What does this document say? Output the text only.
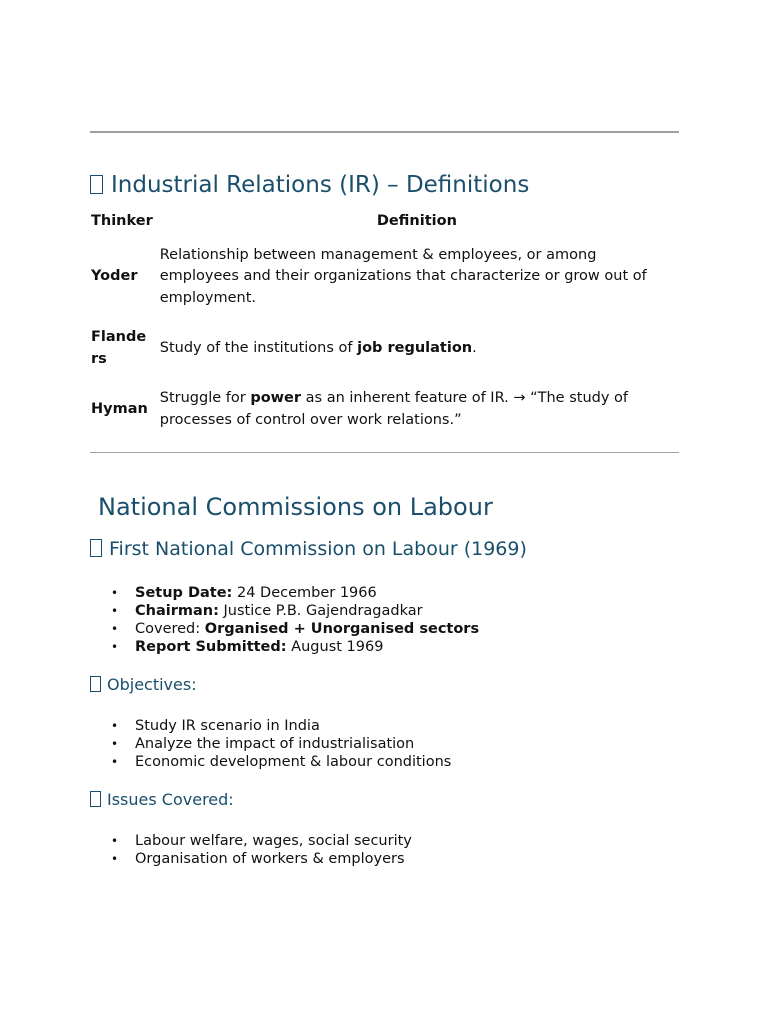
Industrial Relations (IR) – Definitions
Thinker	Definition
Yoder	Relationship between management & employees, or among employees and their organizations that characterize or grow out of employment.
Flanders	Study of the institutions of job regulation.
Hyman	Struggle for power as an inherent feature of IR. → “The study of processes of control over work relations.”
National Commissions on Labour
First National Commission on Labour (1969)
• Setup Date: 24 December 1966
• Chairman: Justice P.B. Gajendragadkar
• Covered: Organised + Unorganised sectors
• Report Submitted: August 1969
Objectives:
• Study IR scenario in India
• Analyze the impact of industrialisation
• Economic development & labour conditions
Issues Covered:
• Labour welfare, wages, social security
• Organisation of workers & employers
